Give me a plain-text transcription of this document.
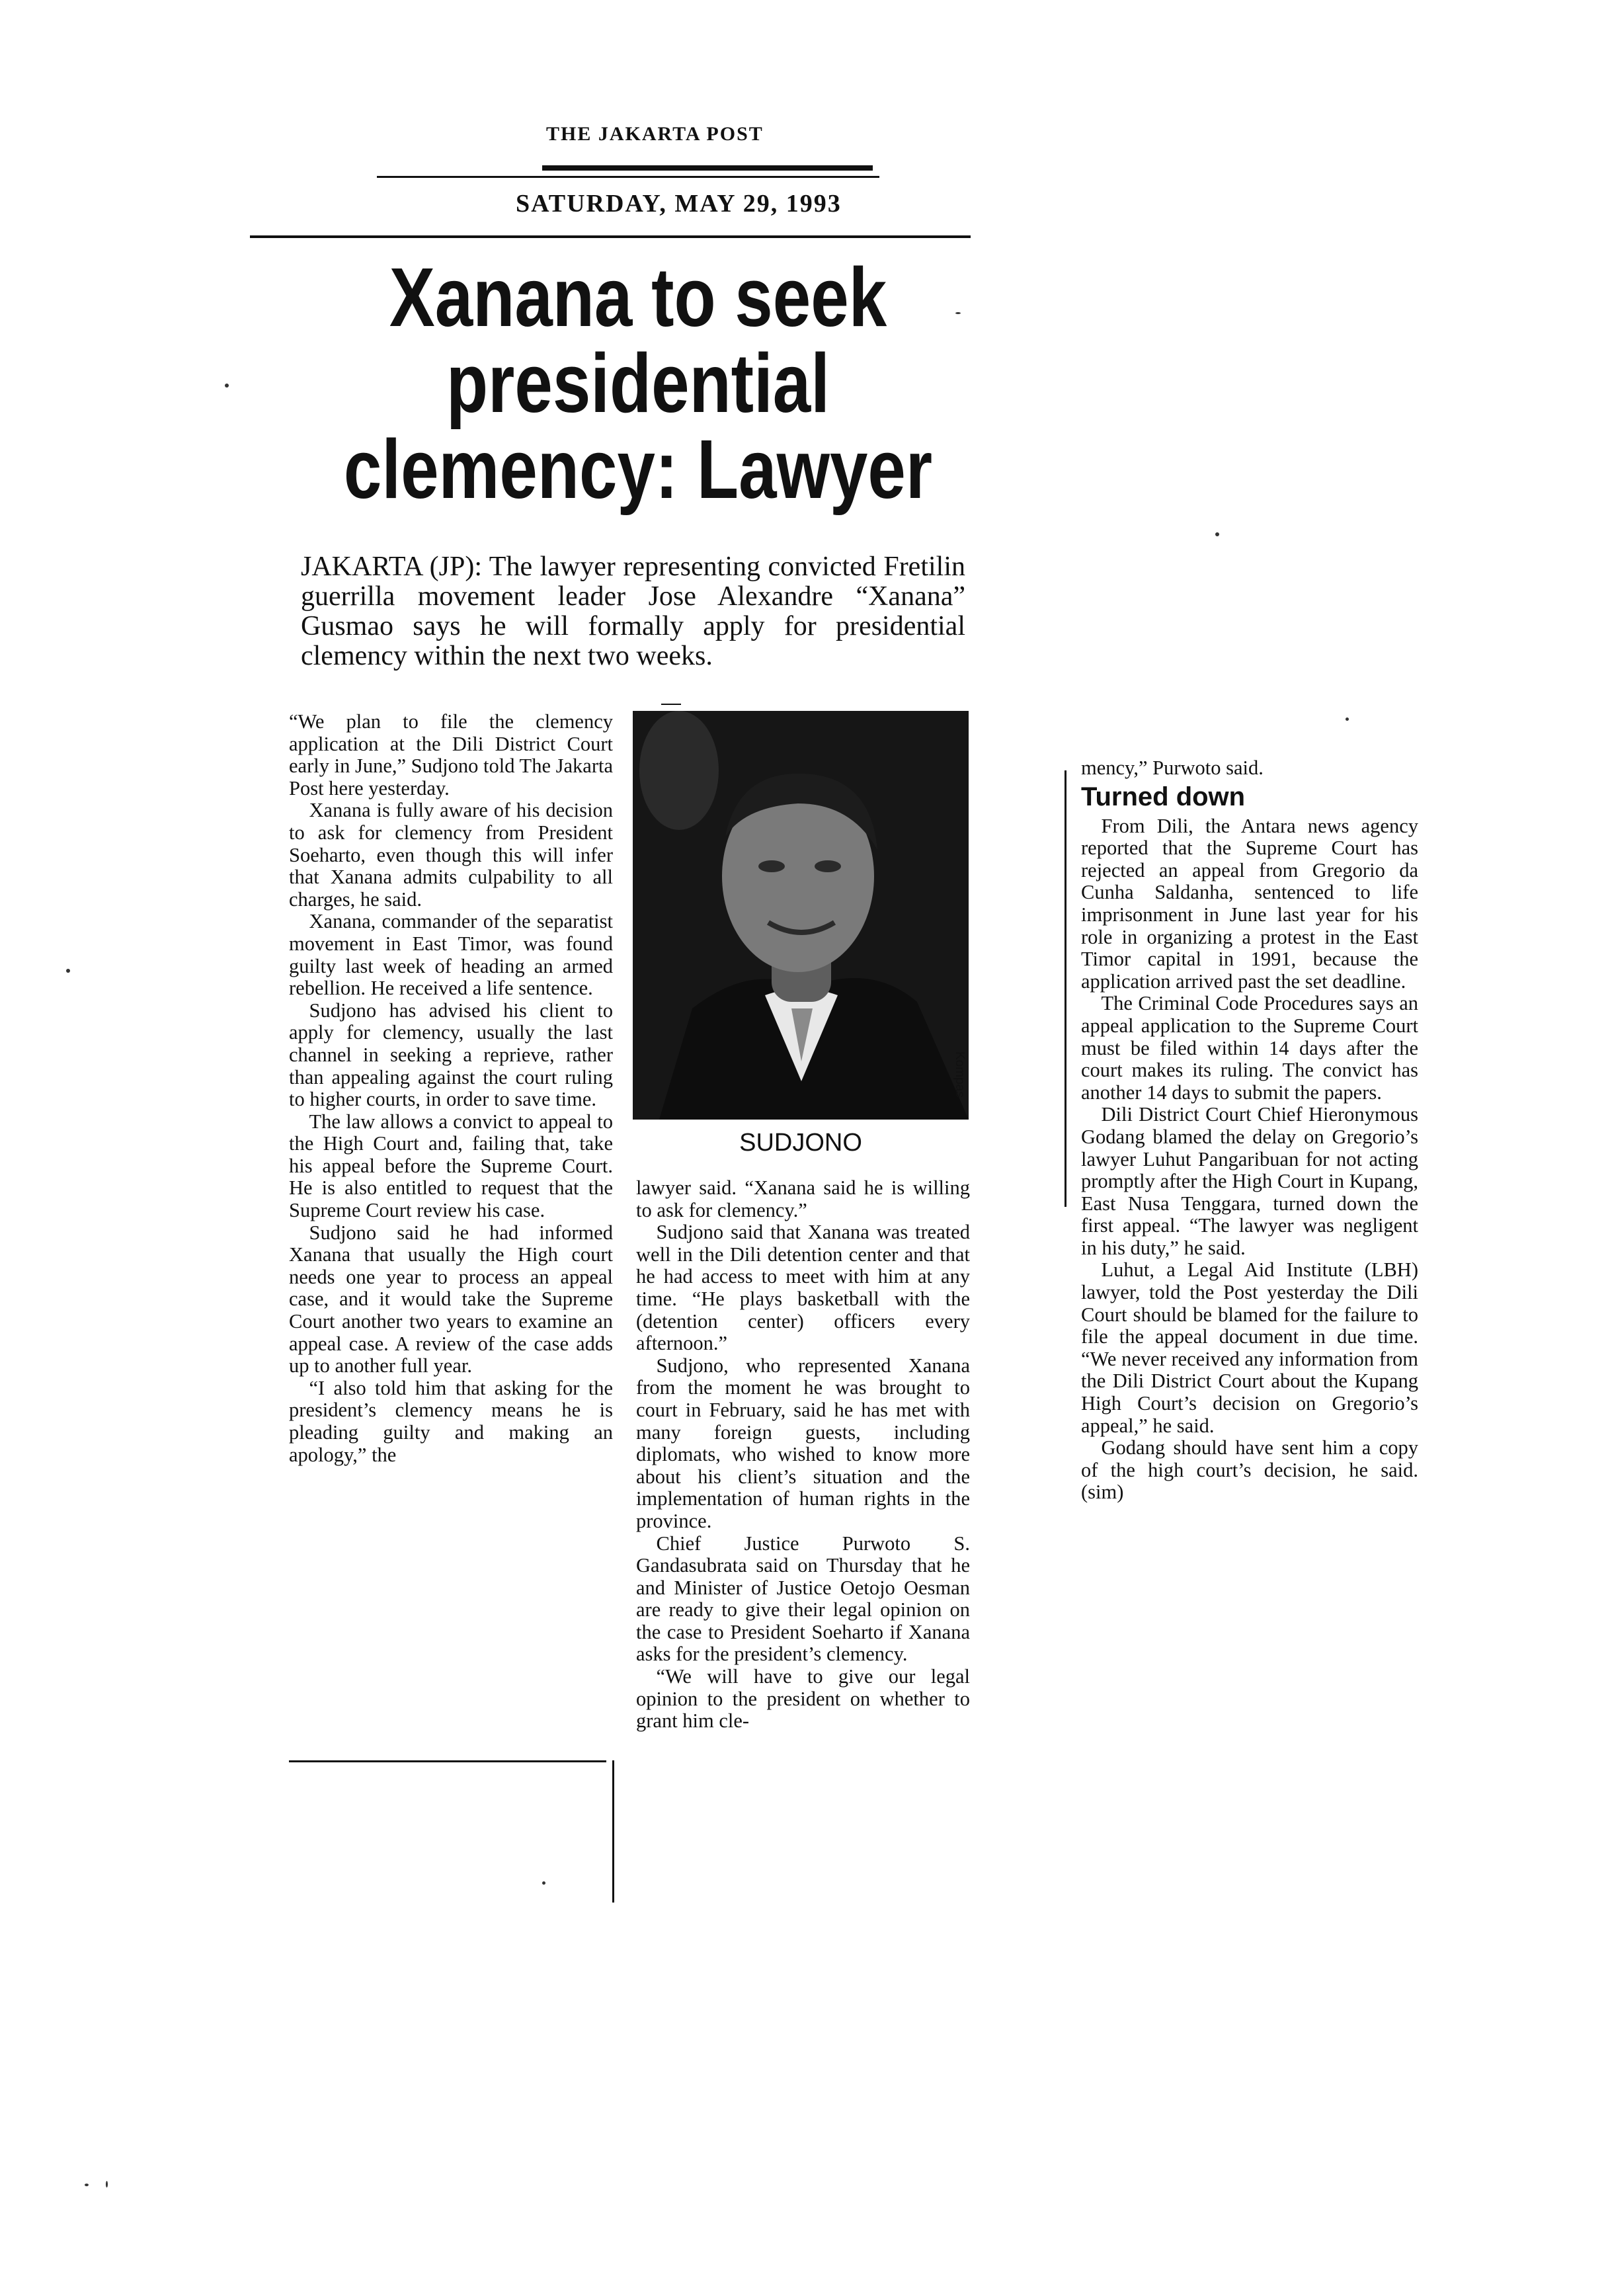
THE JAKARTA POST
SATURDAY, MAY 29, 1993
Xanana to seek
presidential
clemency: Lawyer
JAKARTA (JP): The lawyer representing convicted Fretilin guerrilla movement leader Jose Alexandre “Xanana” Gusmao says he will formally apply for presidential clemency within the next two weeks.

“We plan to file the clemency application at the Dili District Court early in June,” Sudjono told The Jakarta Post here yesterday.

Xanana is fully aware of his decision to ask for clemency from President Soeharto, even though this will infer that Xanana admits culpability to all charges, he said.

Xanana, commander of the separatist movement in East Timor, was found guilty last week of heading an armed rebellion. He received a life sentence.

Sudjono has advised his client to apply for clemency, usually the last channel in seeking a reprieve, rather than appealing against the court ruling to higher courts, in order to save time.

The law allows a convict to appeal to the High Court and, failing that, take his appeal before the Supreme Court. He is also entitled to request that the Supreme Court review his case.

Sudjono said he had informed Xanana that usually the High court needs one year to process an appeal case, and it would take the Supreme Court another two years to examine an appeal case. A review of the case adds up to another full year.

“I also told him that asking for the president’s clemency means he is pleading guilty and making an apology,” the

Kompas
SUDJONO

lawyer said. “Xanana said he is willing to ask for clemency.”

Sudjono said that Xanana was treated well in the Dili detention center and that he had access to meet with him at any time. “He plays basketball with the (detention center) officers every afternoon.”

Sudjono, who represented Xanana from the moment he was brought to court in February, said he has met with many foreign guests, including diplomats, who wished to know more about his client’s situation and the implementation of human rights in the province.

Chief Justice Purwoto S. Gandasubrata said on Thursday that he and Minister of Justice Oetojo Oesman are ready to give their legal opinion on the case to President Soeharto if Xanana asks for the president’s clemency.

“We will have to give our legal opinion to the president on whether to grant him cle-

mency,” Purwoto said.

Turned down

From Dili, the Antara news agency reported that the Supreme Court has rejected an appeal from Gregorio da Cunha Saldanha, sentenced to life imprisonment in June last year for his role in organizing a protest in the East Timor capital in 1991, because the application arrived past the set deadline.

The Criminal Code Procedures says an appeal application to the Supreme Court must be filed within 14 days after the court makes its ruling. The convict has another 14 days to submit the papers.

Dili District Court Chief Hieronymous Godang blamed the delay on Gregorio’s lawyer Luhut Pangaribuan for not acting promptly after the High Court in Kupang, East Nusa Tenggara, turned down the first appeal. “The lawyer was negligent in his duty,” he said.

Luhut, a Legal Aid Institute (LBH) lawyer, told the Post yesterday the Dili Court should be blamed for the failure to file the appeal document in due time. “We never received any information from the Dili District Court about the Kupang High Court’s decision on Gregorio’s appeal,” he said.

Godang should have sent him a copy of the high court’s decision, he said. (sim)
